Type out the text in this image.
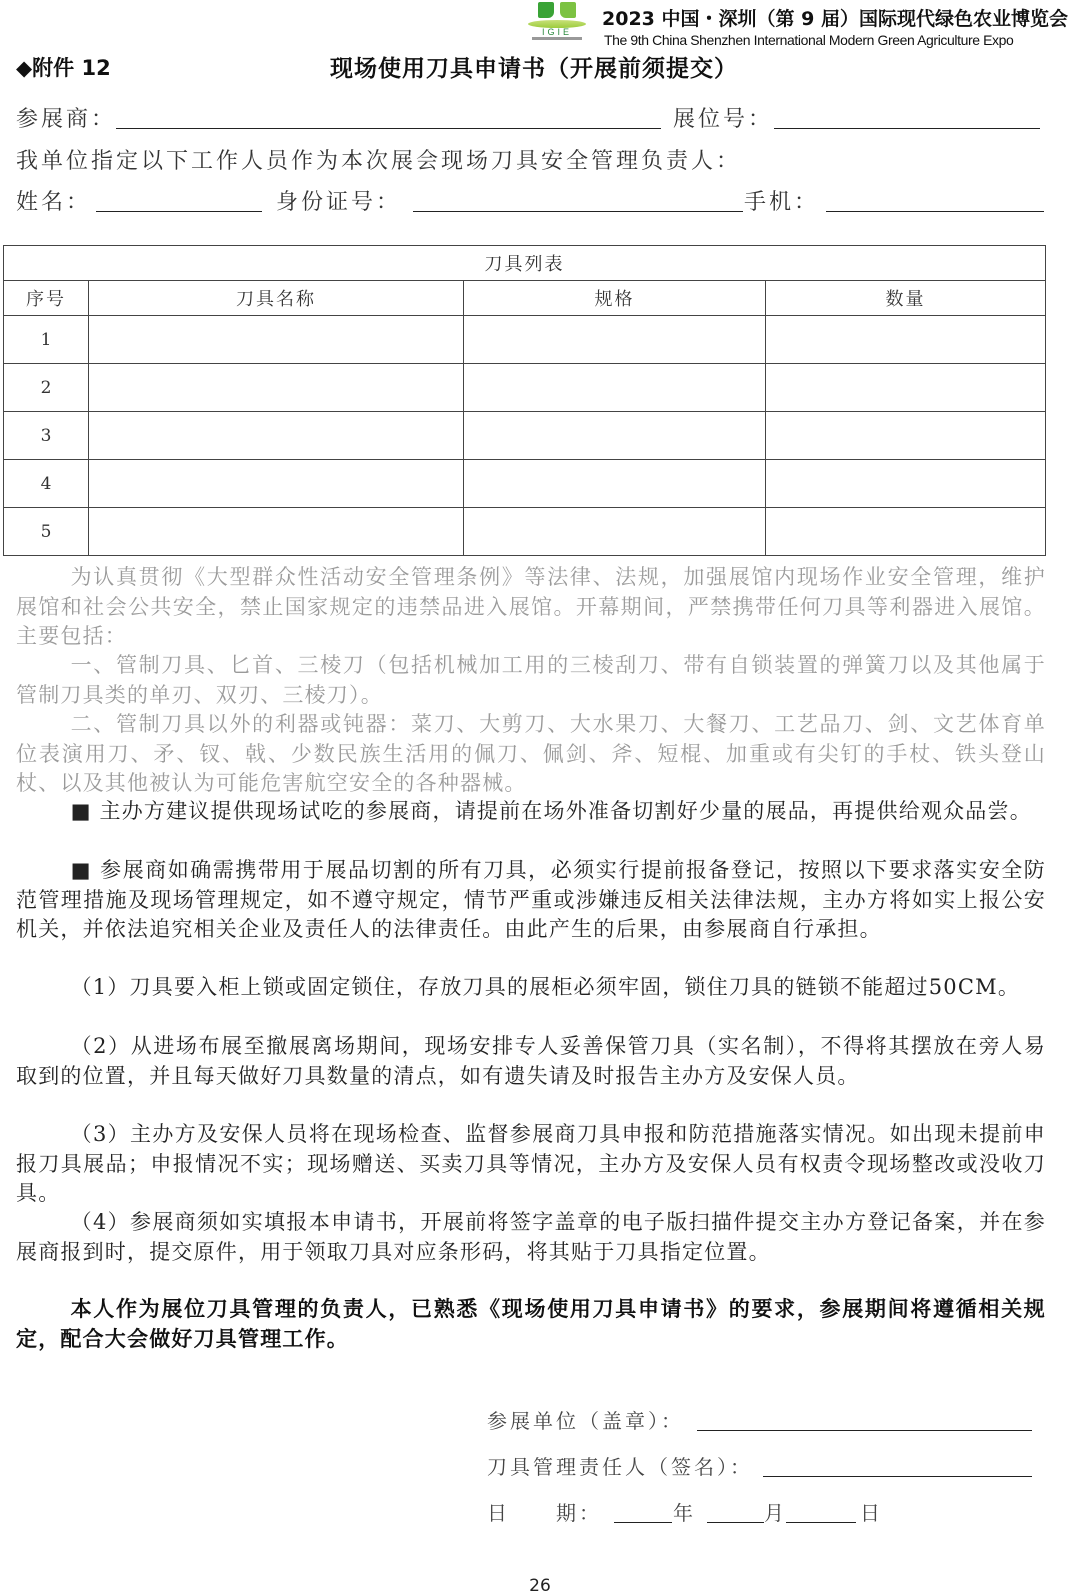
IGIE
2023 中国・深圳（第 9 届）国际现代绿色农业博览会
The 9th China Shenzhen International Modern Green Agriculture Expo
◆附件 12	现场使用刀具申请书（开展前须提交）
参展商：	展位号：
我单位指定以下工作人员作为本次展会现场刀具安全管理负责人：
姓名：	身份证号：	手机：
刀具列表			
序号	刀具名称	规格	数量
1			
2			
3			
4			
5			
为认真贯彻《大型群众性活动安全管理条例》等法律、法规，加强展馆内现场作业安全管理，维护展馆和社会公共安全，禁止国家规定的违禁品进入展馆。开幕期间，严禁携带任何刀具等利器进入展馆。主要包括：
一、管制刀具、匕首、三棱刀（包括机械加工用的三棱刮刀、带有自锁装置的弹簧刀以及其他属于管制刀具类的单刃、双刃、三棱刀）。
二、管制刀具以外的利器或钝器：菜刀、大剪刀、大水果刀、大餐刀、工艺品刀、剑、文艺体育单位表演用刀、矛、钗、戟、少数民族生活用的佩刀、佩剑、斧、短棍、加重或有尖钉的手杖、铁头登山杖、以及其他被认为可能危害航空安全的各种器械。
■ 主办方建议提供现场试吃的参展商，请提前在场外准备切割好少量的展品，再提供给观众品尝。
■ 参展商如确需携带用于展品切割的所有刀具，必须实行提前报备登记，按照以下要求落实安全防范管理措施及现场管理规定，如不遵守规定，情节严重或涉嫌违反相关法律法规，主办方将如实上报公安机关，并依法追究相关企业及责任人的法律责任。由此产生的后果，由参展商自行承担。
（1）刀具要入柜上锁或固定锁住，存放刀具的展柜必须牢固，锁住刀具的链锁不能超过50CM。
（2）从进场布展至撤展离场期间，现场安排专人妥善保管刀具（实名制），不得将其摆放在旁人易取到的位置，并且每天做好刀具数量的清点，如有遗失请及时报告主办方及安保人员。
（3）主办方及安保人员将在现场检查、监督参展商刀具申报和防范措施落实情况。如出现未提前申报刀具展品；申报情况不实；现场赠送、买卖刀具等情况，主办方及安保人员有权责令现场整改或没收刀具。
（4）参展商须如实填报本申请书，开展前将签字盖章的电子版扫描件提交主办方登记备案，并在参展商报到时，提交原件，用于领取刀具对应条形码，将其贴于刀具指定位置。
本人作为展位刀具管理的负责人，已熟悉《现场使用刀具申请书》的要求，参展期间将遵循相关规定，配合大会做好刀具管理工作。
参展单位（盖章）：
刀具管理责任人（签名）：
日　　期：	年	月	日
26
